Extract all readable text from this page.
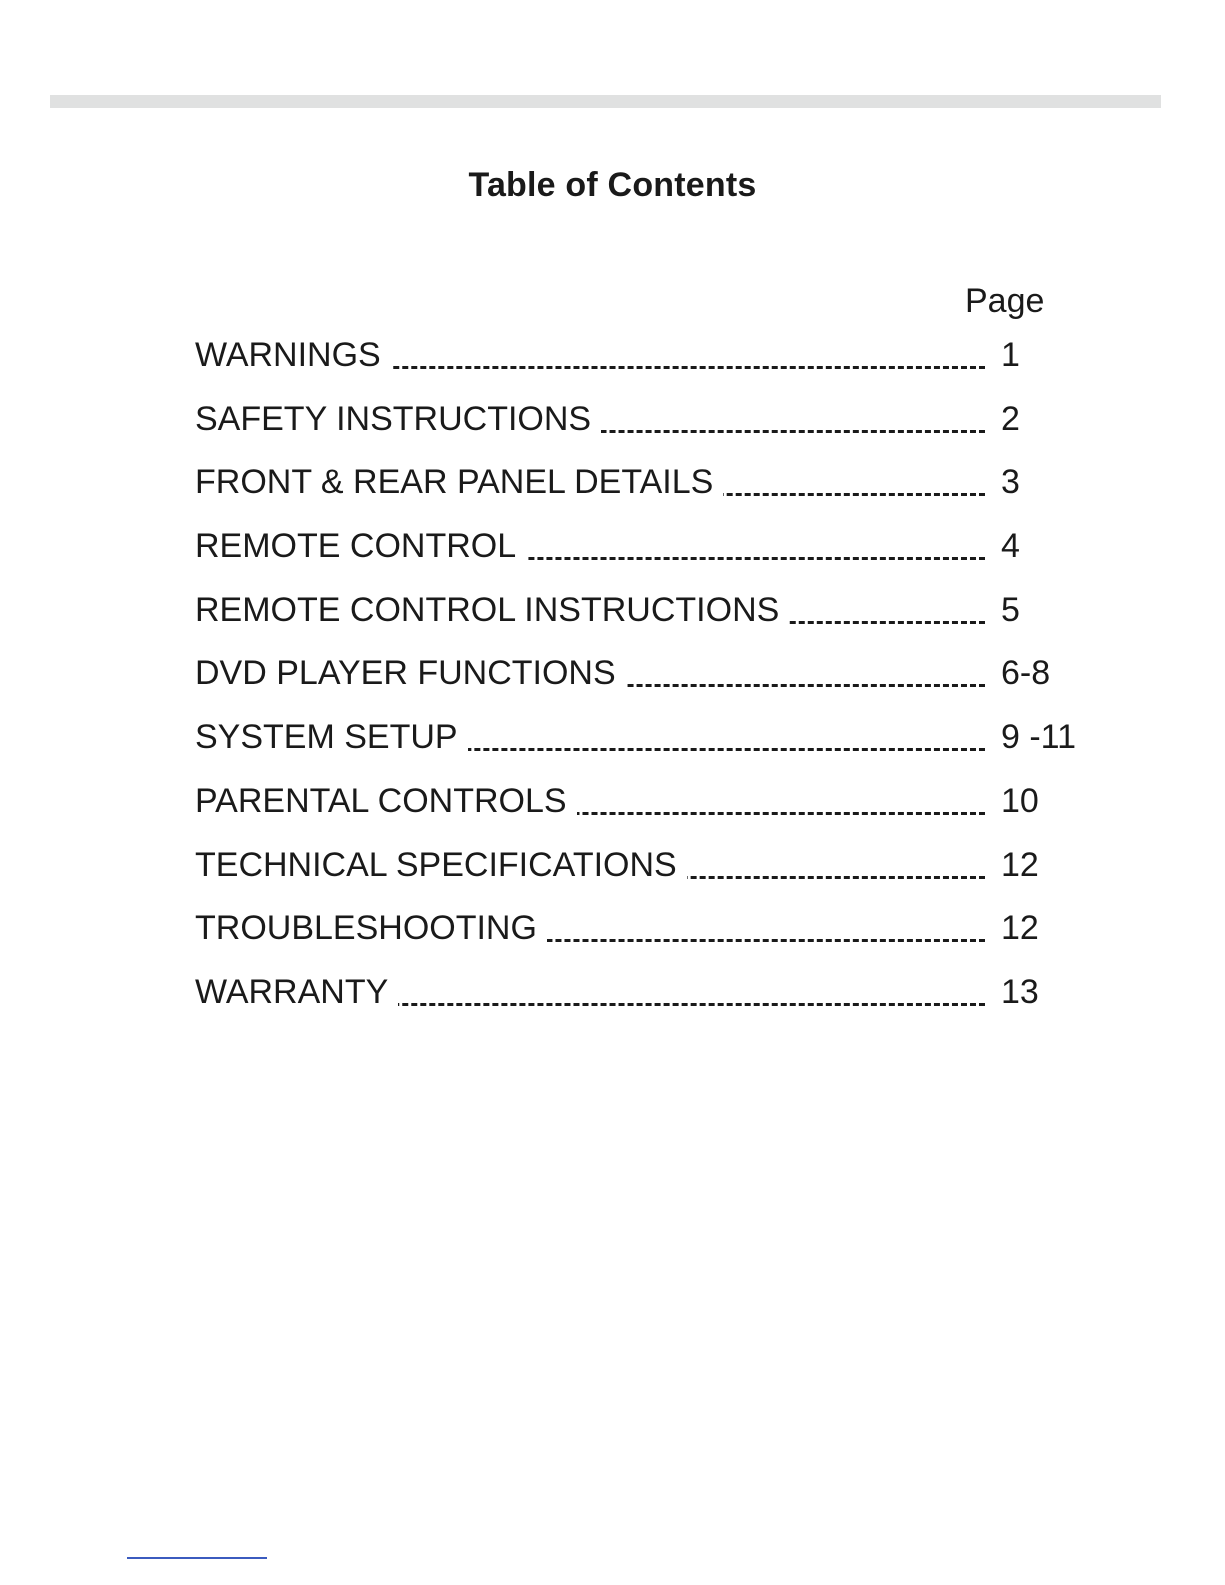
Table of Contents
Page
WARNINGS	1
SAFETY INSTRUCTIONS	2
FRONT & REAR PANEL DETAILS	3
REMOTE CONTROL	4
REMOTE CONTROL INSTRUCTIONS	5
DVD PLAYER FUNCTIONS	6-8
SYSTEM SETUP	9 -11
PARENTAL CONTROLS	10
TECHNICAL SPECIFICATIONS	12
TROUBLESHOOTING	12
WARRANTY	13
